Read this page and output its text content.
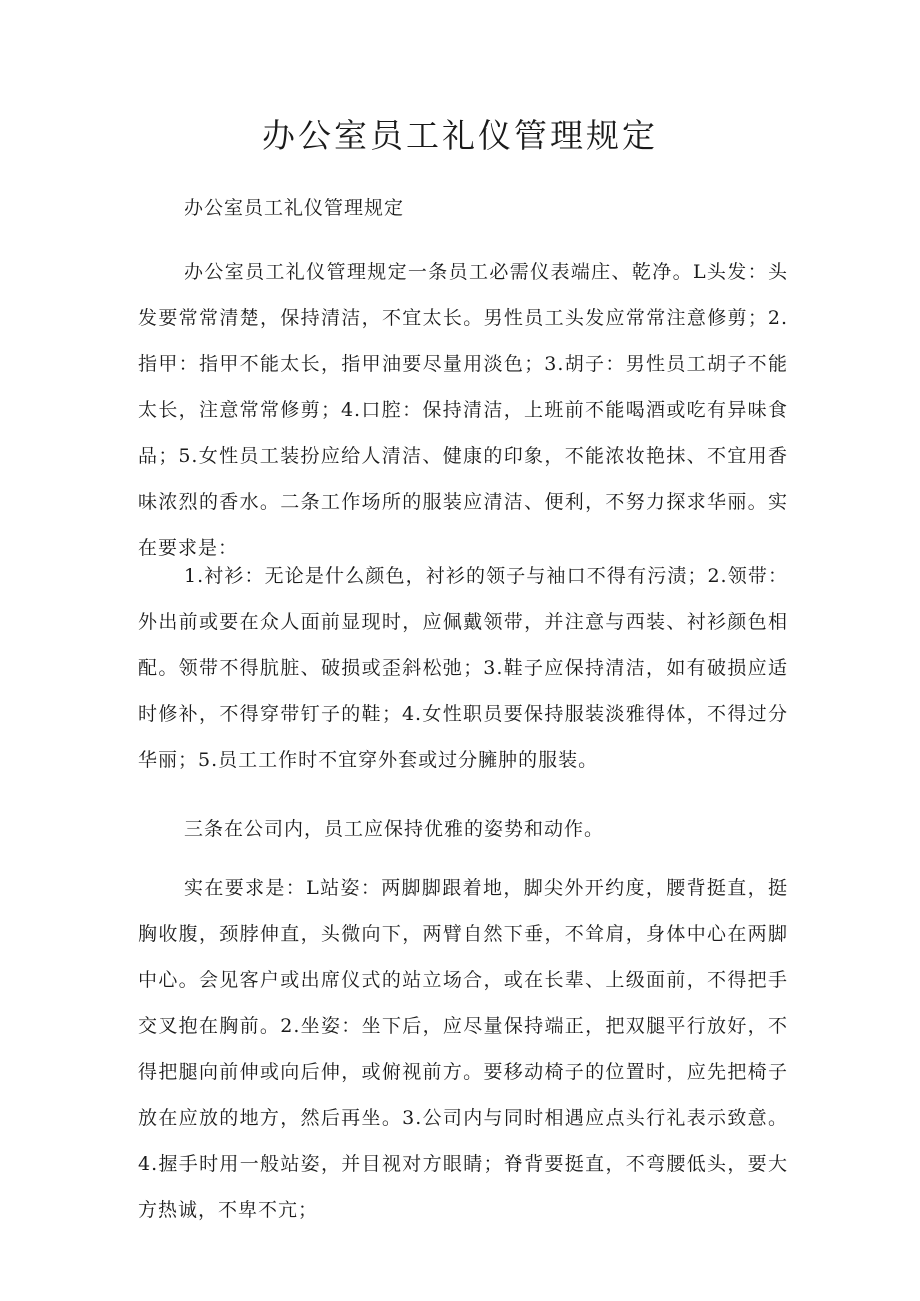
办公室员工礼仪管理规定

办公室员工礼仪管理规定

办公室员工礼仪管理规定一条员工必需仪表端庄、乾净。L头发：头发要常常清楚，保持清洁，不宜太长。男性员工头发应常常注意修剪；2.指甲：指甲不能太长，指甲油要尽量用淡色；3.胡子：男性员工胡子不能太长，注意常常修剪；4.口腔：保持清洁，上班前不能喝酒或吃有异味食品；5.女性员工装扮应给人清洁、健康的印象，不能浓妆艳抹、不宜用香味浓烈的香水。二条工作场所的服装应清洁、便利，不努力探求华丽。实在要求是：

1.衬衫：无论是什么颜色，衬衫的领子与袖口不得有污渍；2.领带：外出前或要在众人面前显现时，应佩戴领带，并注意与西装、衬衫颜色相配。领带不得肮脏、破损或歪斜松弛；3.鞋子应保持清洁，如有破损应适时修补，不得穿带钉子的鞋；4.女性职员要保持服装淡雅得体，不得过分华丽；5.员工工作时不宜穿外套或过分臃肿的服装。

三条在公司内，员工应保持优雅的姿势和动作。

实在要求是：L站姿：两脚脚跟着地，脚尖外开约度，腰背挺直，挺胸收腹，颈脖伸直，头微向下，两臂自然下垂，不耸肩，身体中心在两脚中心。会见客户或出席仪式的站立场合，或在长辈、上级面前，不得把手交叉抱在胸前。2.坐姿：坐下后，应尽量保持端正，把双腿平行放好，不得把腿向前伸或向后伸，或俯视前方。要移动椅子的位置时，应先把椅子放在应放的地方，然后再坐。3.公司内与同时相遇应点头行礼表示致意。4.握手时用一般站姿，并目视对方眼睛；脊背要挺直，不弯腰低头，要大方热诚，不卑不亢；
